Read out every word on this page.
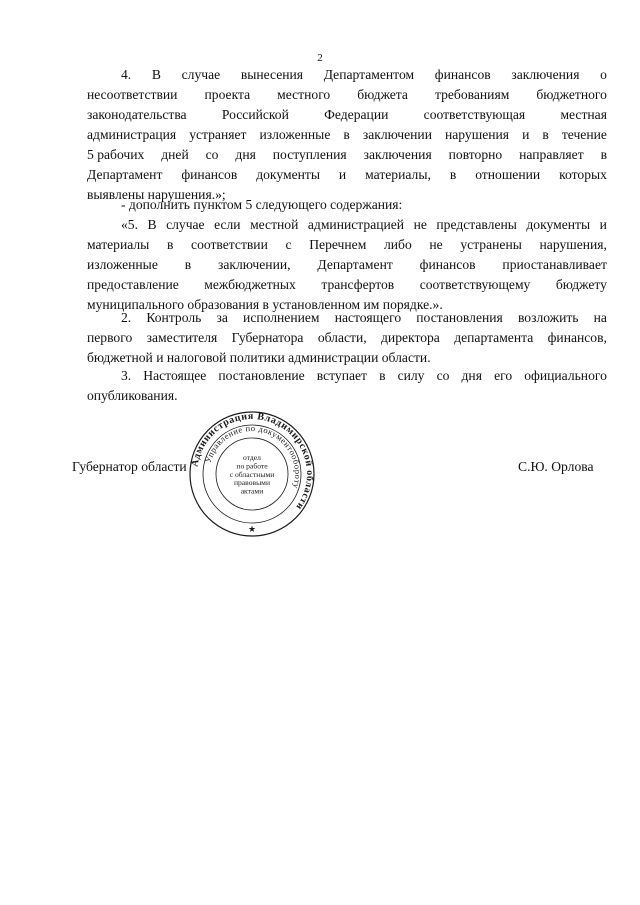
2
4. В случае вынесения Департаментом финансов заключения о
несоответствии проекта местного бюджета требованиям бюджетного
законодательства	Российской	Федерации	соответствующая	местная
администрация устраняет изложенные в заключении нарушения и в течение
5 рабочих дней со дня поступления заключения повторно направляет в
Департамент финансов документы и материалы, в отношении которых
выявлены нарушения.»;
- дополнить пунктом 5 следующего содержания:
«5. В случае если местной администрацией не представлены документы и
материалы в соответствии с Перечнем либо не устранены нарушения,
изложенные в заключении, Департамент финансов приостанавливает
предоставление межбюджетных трансфертов соответствующему бюджету
муниципального образования в установленном им порядке.».
2. Контроль за исполнением настоящего постановления возложить на
первого заместителя Губернатора области, директора департамента финансов,
бюджетной и налоговой политики администрации области.
3. Настоящее постановление вступает в силу со дня его официального
опубликования.
Губернатор области	С.Ю. Орлова
Администрация Владимирской области
Управление по документообороту
★
отдел
по работе
с областными
правовыми
актами
